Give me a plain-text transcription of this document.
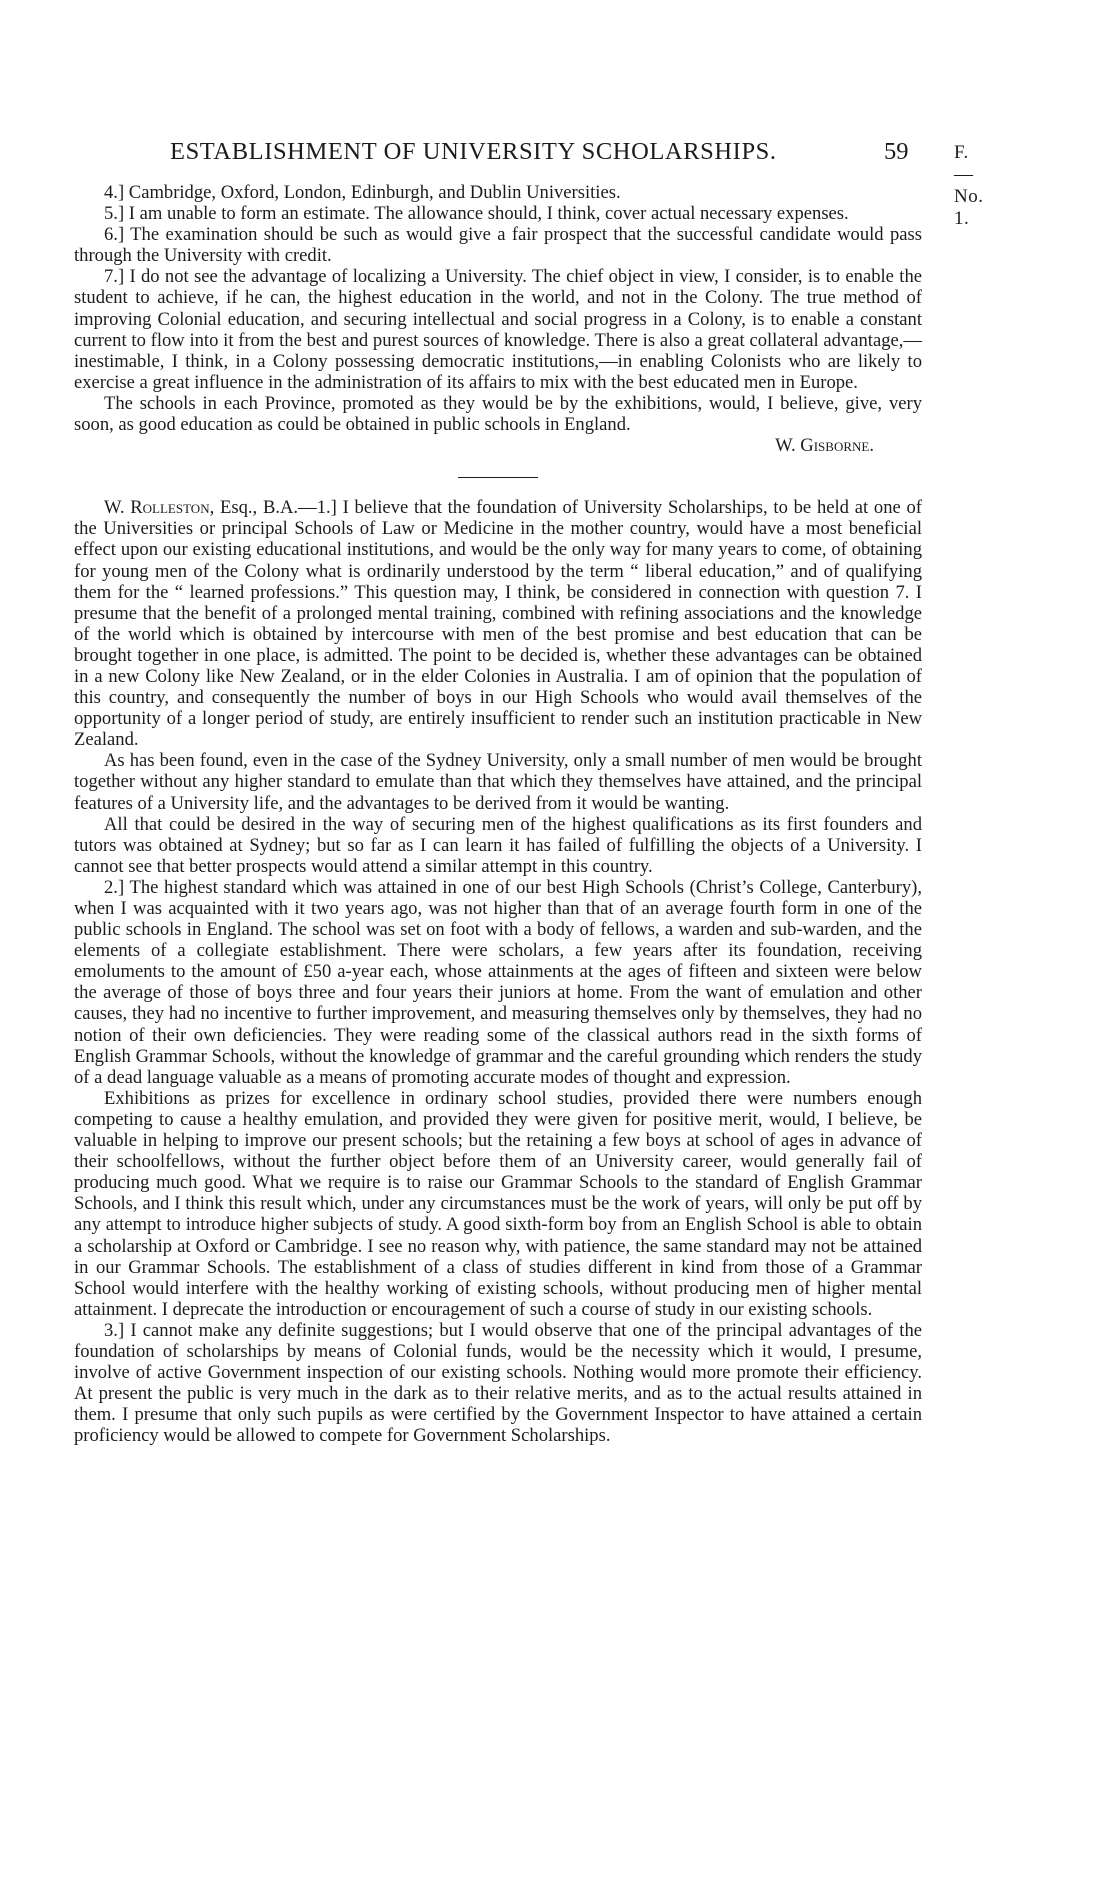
ESTABLISHMENT OF UNIVERSITY SCHOLARSHIPS.	59 F.—No. 1.

4.] Cambridge, Oxford, London, Edinburgh, and Dublin Universities.

5.] I am unable to form an estimate. The allowance should, I think, cover actual necessary expenses.

6.] The examination should be such as would give a fair prospect that the successful candidate would pass through the University with credit.

7.] I do not see the advantage of localizing a University. The chief object in view, I consider, is to enable the student to achieve, if he can, the highest education in the world, and not in the Colony. The true method of improving Colonial education, and securing intellectual and social progress in a Colony, is to enable a constant current to flow into it from the best and purest sources of knowledge. There is also a great collateral advantage,—inestimable, I think, in a Colony possessing democratic institutions,—in enabling Colonists who are likely to exercise a great influence in the administration of its affairs to mix with the best educated men in Europe.

The schools in each Province, promoted as they would be by the exhibitions, would, I believe, give, very soon, as good education as could be obtained in public schools in England.

W. Gisborne.

W. Rolleston, Esq., B.A.—1.] I believe that the foundation of University Scholarships, to be held at one of the Universities or principal Schools of Law or Medicine in the mother country, would have a most beneficial effect upon our existing educational institutions, and would be the only way for many years to come, of obtaining for young men of the Colony what is ordinarily understood by the term “ liberal education,” and of qualifying them for the “ learned professions.” This question may, I think, be considered in connection with question 7. I presume that the benefit of a prolonged mental training, combined with refining associations and the knowledge of the world which is obtained by intercourse with men of the best promise and best education that can be brought together in one place, is admitted. The point to be decided is, whether these advantages can be obtained in a new Colony like New Zealand, or in the elder Colonies in Australia. I am of opinion that the population of this country, and consequently the number of boys in our High Schools who would avail themselves of the opportunity of a longer period of study, are entirely insufficient to render such an institution practicable in New Zealand.

As has been found, even in the case of the Sydney University, only a small number of men would be brought together without any higher standard to emulate than that which they themselves have attained, and the principal features of a University life, and the advantages to be derived from it would be wanting.

All that could be desired in the way of securing men of the highest qualifications as its first founders and tutors was obtained at Sydney; but so far as I can learn it has failed of fulfilling the objects of a University. I cannot see that better prospects would attend a similar attempt in this country.

2.] The highest standard which was attained in one of our best High Schools (Christ’s College, Canterbury), when I was acquainted with it two years ago, was not higher than that of an average fourth form in one of the public schools in England. The school was set on foot with a body of fellows, a warden and sub-warden, and the elements of a collegiate establishment. There were scholars, a few years after its foundation, receiving emoluments to the amount of £50 a-year each, whose attainments at the ages of fifteen and sixteen were below the average of those of boys three and four years their juniors at home. From the want of emulation and other causes, they had no incentive to further improvement, and measuring themselves only by themselves, they had no notion of their own deficiencies. They were reading some of the classical authors read in the sixth forms of English Grammar Schools, without the knowledge of grammar and the careful grounding which renders the study of a dead language valuable as a means of promoting accurate modes of thought and expression.

Exhibitions as prizes for excellence in ordinary school studies, provided there were numbers enough competing to cause a healthy emulation, and provided they were given for positive merit, would, I believe, be valuable in helping to improve our present schools; but the retaining a few boys at school of ages in advance of their schoolfellows, without the further object before them of an University career, would generally fail of producing much good. What we require is to raise our Grammar Schools to the standard of English Grammar Schools, and I think this result which, under any circumstances must be the work of years, will only be put off by any attempt to introduce higher subjects of study. A good sixth-form boy from an English School is able to obtain a scholarship at Oxford or Cambridge. I see no reason why, with patience, the same standard may not be attained in our Grammar Schools. The establishment of a class of studies different in kind from those of a Grammar School would interfere with the healthy working of existing schools, without producing men of higher mental attainment. I deprecate the introduction or encouragement of such a course of study in our existing schools.

3.] I cannot make any definite suggestions; but I would observe that one of the principal advantages of the foundation of scholarships by means of Colonial funds, would be the necessity which it would, I presume, involve of active Government inspection of our existing schools. Nothing would more promote their efficiency. At present the public is very much in the dark as to their relative merits, and as to the actual results attained in them. I presume that only such pupils as were certified by the Government Inspector to have attained a certain proficiency would be allowed to compete for Government Scholarships.
